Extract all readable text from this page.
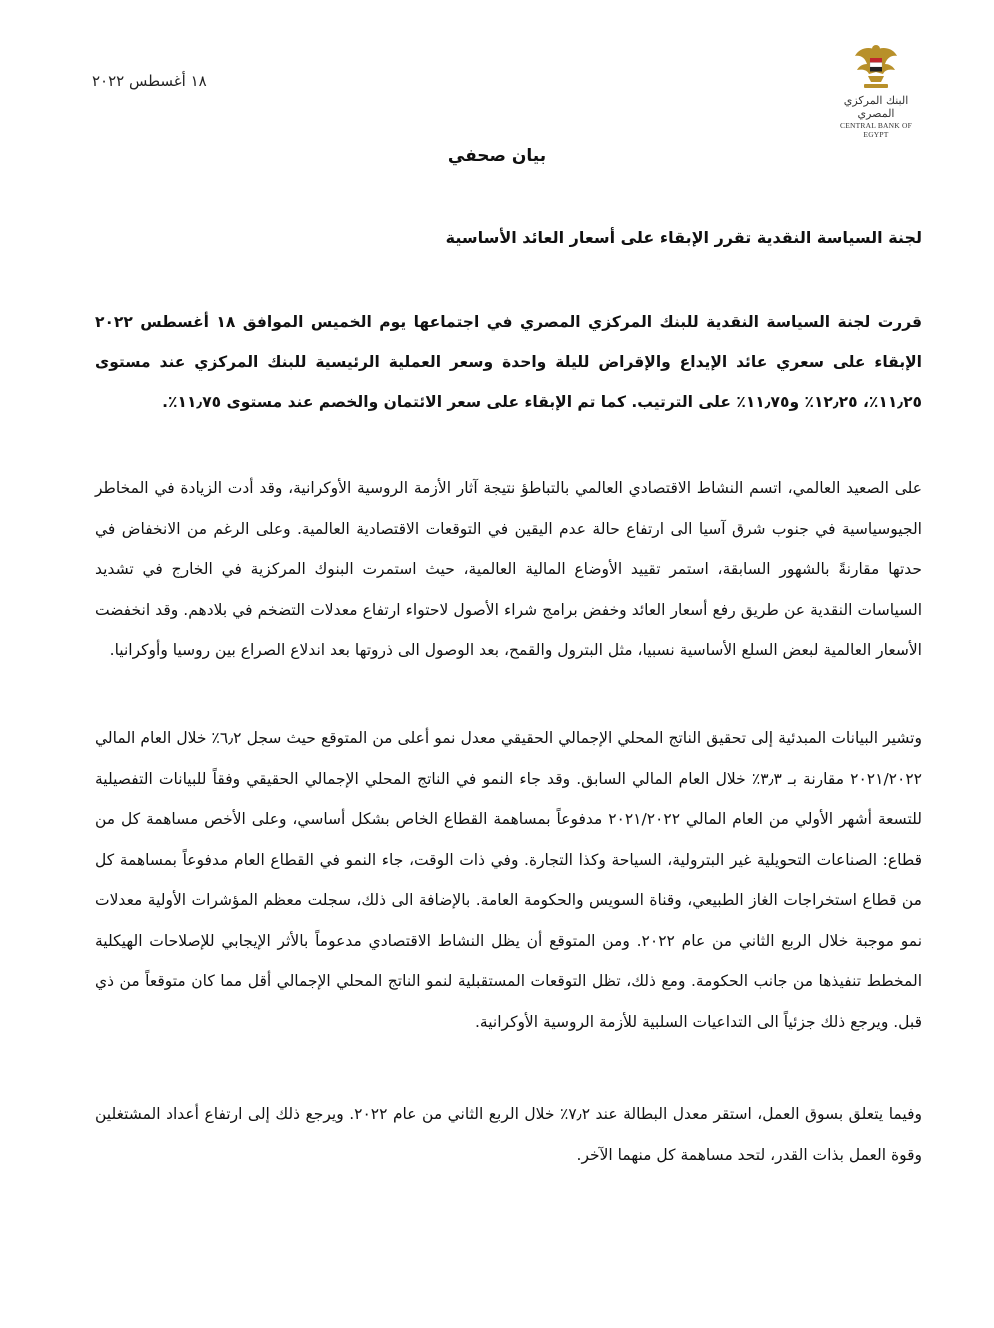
البنك المركزي المصري
CENTRAL BANK OF EGYPT
١٨ أغسطس ٢٠٢٢
بيان صحفي
لجنة السياسة النقدية تقرر الإبقاء على أسعار العائد الأساسية
قررت لجنة السياسة النقدية للبنك المركزي المصري في اجتماعها يوم الخميس الموافق ١٨ أغسطس ٢٠٢٢ الإبقاء على سعري عائد الإيداع والإقراض لليلة واحدة وسعر العملية الرئيسية للبنك المركزي عند مستوى ١١٫٢٥٪، ١٢٫٢٥٪ و١١٫٧٥٪ على الترتيب. كما تم الإبقاء على سعر الائتمان والخصم عند مستوى ١١٫٧٥٪.

على الصعيد العالمي، اتسم النشاط الاقتصادي العالمي بالتباطؤ نتيجة آثار الأزمة الروسية الأوكرانية، وقد أدت الزيادة في المخاطر الجيوسياسية في جنوب شرق آسيا الى ارتفاع حالة عدم اليقين في التوقعات الاقتصادية العالمية. وعلى الرغم من الانخفاض في حدتها مقارنةً بالشهور السابقة، استمر تقييد الأوضاع المالية العالمية، حيث استمرت البنوك المركزية في الخارج في تشديد السياسات النقدية عن طريق رفع أسعار العائد وخفض برامج شراء الأصول لاحتواء ارتفاع معدلات التضخم في بلادهم. وقد انخفضت الأسعار العالمية لبعض السلع الأساسية نسبيا، مثل البترول والقمح، بعد الوصول الى ذروتها بعد اندلاع الصراع بين روسيا وأوكرانيا.

وتشير البيانات المبدئية إلى تحقيق الناتج المحلي الإجمالي الحقيقي معدل نمو أعلى من المتوقع حيث سجل ٦٫٢٪ خلال العام المالي ٢٠٢١/٢٠٢٢ مقارنة بـ ٣٫٣٪ خلال العام المالي السابق. وقد جاء النمو في الناتج المحلي الإجمالي الحقيقي وفقاً للبيانات التفصيلية للتسعة أشهر الأولي من العام المالي ٢٠٢١/٢٠٢٢ مدفوعاً بمساهمة القطاع الخاص بشكل أساسي، وعلى الأخص مساهمة كل من قطاع: الصناعات التحويلية غير البترولية، السياحة وكذا التجارة. وفي ذات الوقت، جاء النمو في القطاع العام مدفوعاً بمساهمة كل من قطاع استخراجات الغاز الطبيعي، وقناة السويس والحكومة العامة. بالإضافة الى ذلك، سجلت معظم المؤشرات الأولية معدلات نمو موجبة خلال الربع الثاني من عام ٢٠٢٢. ومن المتوقع أن يظل النشاط الاقتصادي مدعوماً بالأثر الإيجابي للإصلاحات الهيكلية المخطط تنفيذها من جانب الحكومة. ومع ذلك، تظل التوقعات المستقبلية لنمو الناتج المحلي الإجمالي أقل مما كان متوقعاً من ذي قبل. ويرجع ذلك جزئياً الى التداعيات السلبية للأزمة الروسية الأوكرانية.

وفيما يتعلق بسوق العمل، استقر معدل البطالة عند ٧٫٢٪ خلال الربع الثاني من عام ٢٠٢٢. ويرجع ذلك إلى ارتفاع أعداد المشتغلين وقوة العمل بذات القدر، لتحد مساهمة كل منهما الآخر.
